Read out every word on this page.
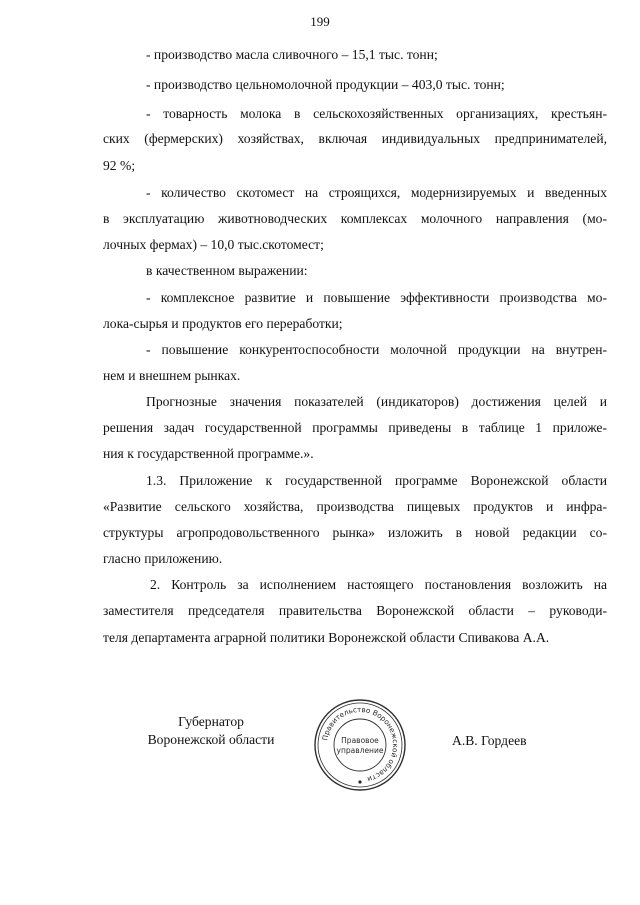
199
- производство масла сливочного – 15,1 тыс. тонн;
- производство цельномолочной продукции – 403,0 тыс. тонн;
- товарность молока в сельскохозяйственных организациях, крестьян-
ских (фермерских) хозяйствах, включая индивидуальных предпринимателей,
92 %;
- количество скотомест на строящихся, модернизируемых и введенных
в эксплуатацию животноводческих комплексах молочного направления (мо-
лочных фермах) – 10,0 тыс.скотомест;
в качественном выражении:
- комплексное развитие и повышение эффективности производства мо-
лока-сырья и продуктов его переработки;
- повышение конкурентоспособности молочной продукции на внутрен-
нем и внешнем рынках.
Прогнозные значения показателей (индикаторов) достижения целей и
решения задач государственной программы приведены в таблице 1 приложе-
ния к государственной программе.».
1.3. Приложение к государственной программе Воронежской области
«Развитие сельского хозяйства, производства пищевых продуктов и инфра-
структуры агропродовольственного рынка» изложить в новой редакции со-
гласно приложению.
2. Контроль за исполнением настоящего постановления возложить на
заместителя председателя правительства Воронежской области – руководи-
теля департамента аграрной политики Воронежской области Спивакова А.А.
Губернатор
Воронежской области	Правительство Воронежской области
Правовое
управление
А.В. Гордеев
